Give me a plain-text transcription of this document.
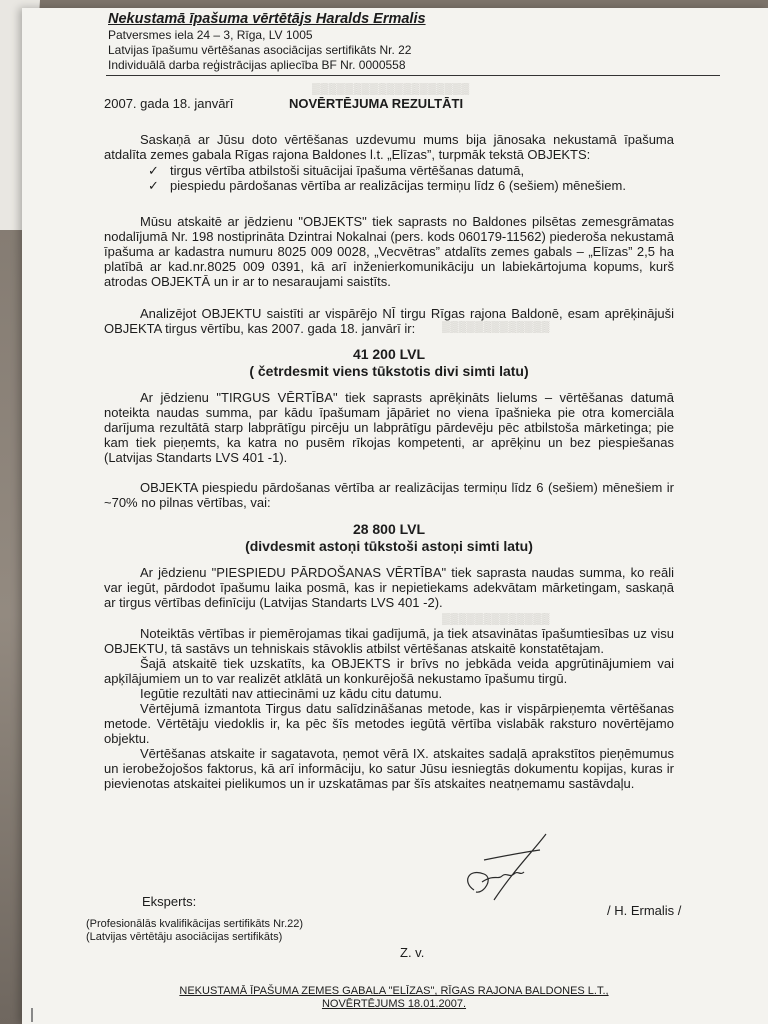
▒▒▒▒▒▒▒▒▒▒▒▒▒▒▒▒▒▒▒
▒▒▒▒▒▒▒▒▒▒▒▒▒
▒▒▒▒▒▒▒▒▒▒▒▒▒
Nekustamā īpašuma vērtētājs Haralds Ermalis
Patversmes iela 24 – 3, Rīga, LV 1005
Latvijas īpašumu vērtēšanas asociācijas sertifikāts Nr. 22
Individuālā darba reģistrācijas apliecība BF Nr. 0000558
2007. gada 18. janvārī	NOVĒRTĒJUMA REZULTĀTI

Saskaņā ar Jūsu doto vērtēšanas uzdevumu mums bija jānosaka nekustamā īpašuma atdalīta zemes gabala Rīgas rajona Baldones l.t. „Elīzas”, turpmāk tekstā OBJEKTS:

✓ tirgus vērtība atbilstoši situācijai īpašuma vērtēšanas datumā,
✓ piespiedu pārdošanas vērtība ar realizācijas termiņu līdz 6 (sešiem) mēnešiem.

Mūsu atskaitē ar jēdzienu "OBJEKTS" tiek saprasts no Baldones pilsētas zemesgrāmatas nodalījumā Nr. 198 nostiprināta Dzintrai Nokalnai (pers. kods 060179-11562) piederoša nekustamā īpašuma ar kadastra numuru 8025 009 0028, „Vecvētras” atdalīts zemes gabals – „Elīzas” 2,5 ha platībā ar kad.nr.8025 009 0391, kā arī inženierkomunikāciju un labiekārtojuma kopums, kurš atrodas OBJEKTĀ un ir ar to nesaraujami saistīts.

Analizējot OBJEKTU saistīti ar vispārējo NĪ tirgu Rīgas rajona Baldonē, esam aprēķinājuši OBJEKTA tirgus vērtību, kas 2007. gada 18. janvārī ir:

41 200 LVL
( četrdesmit viens tūkstotis divi simti latu)

Ar jēdzienu "TIRGUS VĒRTĪBA" tiek saprasts aprēķināts lielums – vērtēšanas datumā noteikta naudas summa, par kādu īpašumam jāpāriet no viena īpašnieka pie otra komerciāla darījuma rezultātā starp labprātīgu pircēju un labprātīgu pārdevēju pēc atbilstoša mārketinga; pie kam tiek pieņemts, ka katra no pusēm rīkojas kompetenti, ar aprēķinu un bez piespiešanas (Latvijas Standarts LVS 401 -1).

OBJEKTA piespiedu pārdošanas vērtība ar realizācijas termiņu līdz 6 (sešiem) mēnešiem ir ~70% no pilnas vērtības, vai:

28 800 LVL
(divdesmit astoņi tūkstoši astoņi simti latu)

Ar jēdzienu "PIESPIEDU PĀRDOŠANAS VĒRTĪBA" tiek saprasta naudas summa, ko reāli var iegūt, pārdodot īpašumu laika posmā, kas ir nepietiekams adekvātam mārketingam, saskaņā ar tirgus vērtības definīciju (Latvijas Standarts LVS 401 -2).

Noteiktās vērtības ir piemērojamas tikai gadījumā, ja tiek atsavinātas īpašumtiesības uz visu OBJEKTU, tā sastāvs un tehniskais stāvoklis atbilst vērtēšanas atskaitē konstatētajam.

Šajā atskaitē tiek uzskatīts, ka OBJEKTS ir brīvs no jebkāda veida apgrūtinājumiem vai apķīlājumiem un to var realizēt atklātā un konkurējošā nekustamo īpašumu tirgū.

Iegūtie rezultāti nav attiecināmi uz kādu citu datumu.

Vērtējumā izmantota Tirgus datu salīdzināšanas metode, kas ir vispārpieņemta vērtēšanas metode. Vērtētāju viedoklis ir, ka pēc šīs metodes iegūtā vērtība vislabāk raksturo novērtējamo objektu.

Vērtēšanas atskaite ir sagatavota, ņemot vērā IX. atskaites sadaļā aprakstītos pieņēmumus un ierobežojošos faktorus, kā arī informāciju, ko satur Jūsu iesniegtās dokumentu kopijas, kuras ir pievienotas atskaitei pielikumos un ir uzskatāmas par šīs atskaites neatņemamu sastāvdaļu.

Eksperts:
(Profesionālās kvalifikācijas sertifikāts Nr.22)
(Latvijas vērtētāju asociācijas sertifikāts)
/ H. Ermalis /
Z. v.
NEKUSTAMĀ ĪPAŠUMA ZEMES GABALA "ELĪZAS", RĪGAS RAJONA BALDONES L.T.,
NOVĒRTĒJUMS 18.01.2007.
